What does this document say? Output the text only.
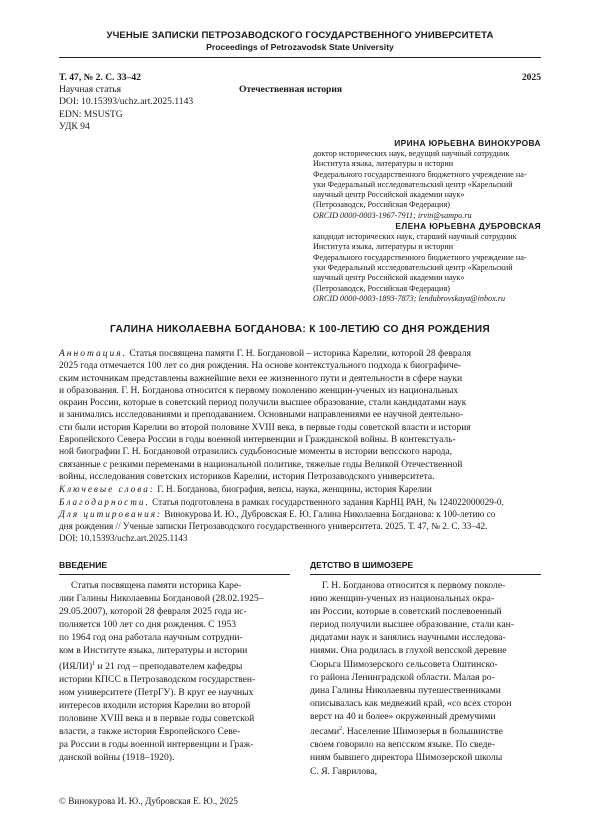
УЧЕНЫЕ ЗАПИСКИ ПЕТРОЗАВОДСКОГО ГОСУДАРСТВЕННОГО УНИВЕРСИТЕТА
Proceedings of Petrozavodsk State University
Т. 47, № 2. С. 33–42	2025
Научная статья	Отечественная история
DOI: 10.15393/uchz.art.2025.1143
EDN: MSUSTG
УДК 94
ИРИНА ЮРЬЕВНА ВИНОКУРОВА
доктор исторических наук, ведущий научный сотрудник
Института языка, литературы и истории
Федерального государственного бюджетного учреждение на-
уки Федеральный исследовательский центр «Карельский
научный центр Российской академии наук»
(Петрозаводск, Российская Федерация)
ORCID 0000-0003-1967-7911; irvin@sampo.ru
ЕЛЕНА ЮРЬЕВНА ДУБРОВСКАЯ
кандидат исторических наук, старший научный сотрудник
Института языка, литературы и истории
Федерального государственного бюджетного учреждение на-
уки Федеральный исследовательский центр «Карельский
научный центр Российской академии наук»
(Петрозаводск, Российская Федерация)
ORCID 0000-0003-1893-7873; lendubrovskaya@inbox.ru
ГАЛИНА НИКОЛАЕВНА БОГДАНОВА: К 100-ЛЕТИЮ СО ДНЯ РОЖДЕНИЯ
Аннотация. Статья посвящена памяти Г. Н. Богдановой – историка Карелии, которой 28 февраля
2025 года отмечается 100 лет со дня рождения. На основе контекстуального подхода к биографиче-
ским источникам представлены важнейшие вехи ее жизненного пути и деятельности в сфере науки
и образования. Г. Н. Богданова относится к первому поколению женщин-ученых из национальных
окраин России, которые в советский период получили высшее образование, стали кандидатами наук
и занимались исследованиями и преподаванием. Основными направлениями ее научной деятельно-
сти были история Карелии во второй половине XVIII века, в первые годы советской власти и история
Европейского Севера России в годы военной интервенции и Гражданской войны. В контекстуаль-
ной биографии Г. Н. Богдановой отразились судьбоносные моменты в истории вепсского народа,
связанные с резкими переменами в национальной политике, тяжелые годы Великой Отечественной
войны, исследования советских историков Карелии, история Петрозаводского университета.
Ключевые слова: Г. Н. Богданова, биография, вепсы, наука, женщины, история Карелии
Благодарности. Статья подготовлена в рамках государственного задания КарНЦ РАН, № 124022000029-0.
Для цитирования: Винокурова И. Ю., Дубровская Е. Ю. Галина Николаевна Богданова: к 100-летию со
дня рождения // Ученые записки Петрозаводского государственного университета. 2025. Т. 47, № 2. С. 33–42.
DOI: 10.15393/uchz.art.2025.1143
ВВЕДЕНИЕ
Статья посвящена памяти историка Каре-
лии Галины Николаевны Богдановой (28.02.1925–
29.05.2007), которой 28 февраля 2025 года ис-
полняется 100 лет со дня рождения. С 1953
по 1964 год она работала научным сотрудни-
ком в Институте языка, литературы и истории
(ИЯЛИ)$^1$ и 21 год – преподавателем кафедры
истории КПСС в Петрозаводском государствен-
ном университете (ПетрГУ). В круг ее научных
интересов входили история Карелии во второй
половине XVIII века и в первые годы советской
власти, а также история Европейского Севе-
ра России в годы военной интервенции и Граж-
данской войны (1918–1920).
ДЕТСТВО В ШИМОЗЕРЕ
Г. Н. Богданова относится к первому поколе-
нию женщин-ученых из национальных окра-
ин России, которые в советский послевоенный
период получили высшее образование, стали кан-
дидатами наук и занялись научными исследова-
ниями. Она родилась в глухой вепсской деревне
Сюрьга Шимозерского сельсовета Оштинско-
го района Ленинградской области. Малая ро-
дина Галины Николаевны путешественниками
описывалась как медвежий край, «со всех сторон
верст на 40 и более» окруженный дремучими
лесами$^2$. Население Шимозерья в большинстве
своем говорило на вепсском языке. По сведе-
ниям бывшего директора Шимозерской школы
С. Я. Гаврилова,
© Винокурова И. Ю., Дубровская Е. Ю., 2025
